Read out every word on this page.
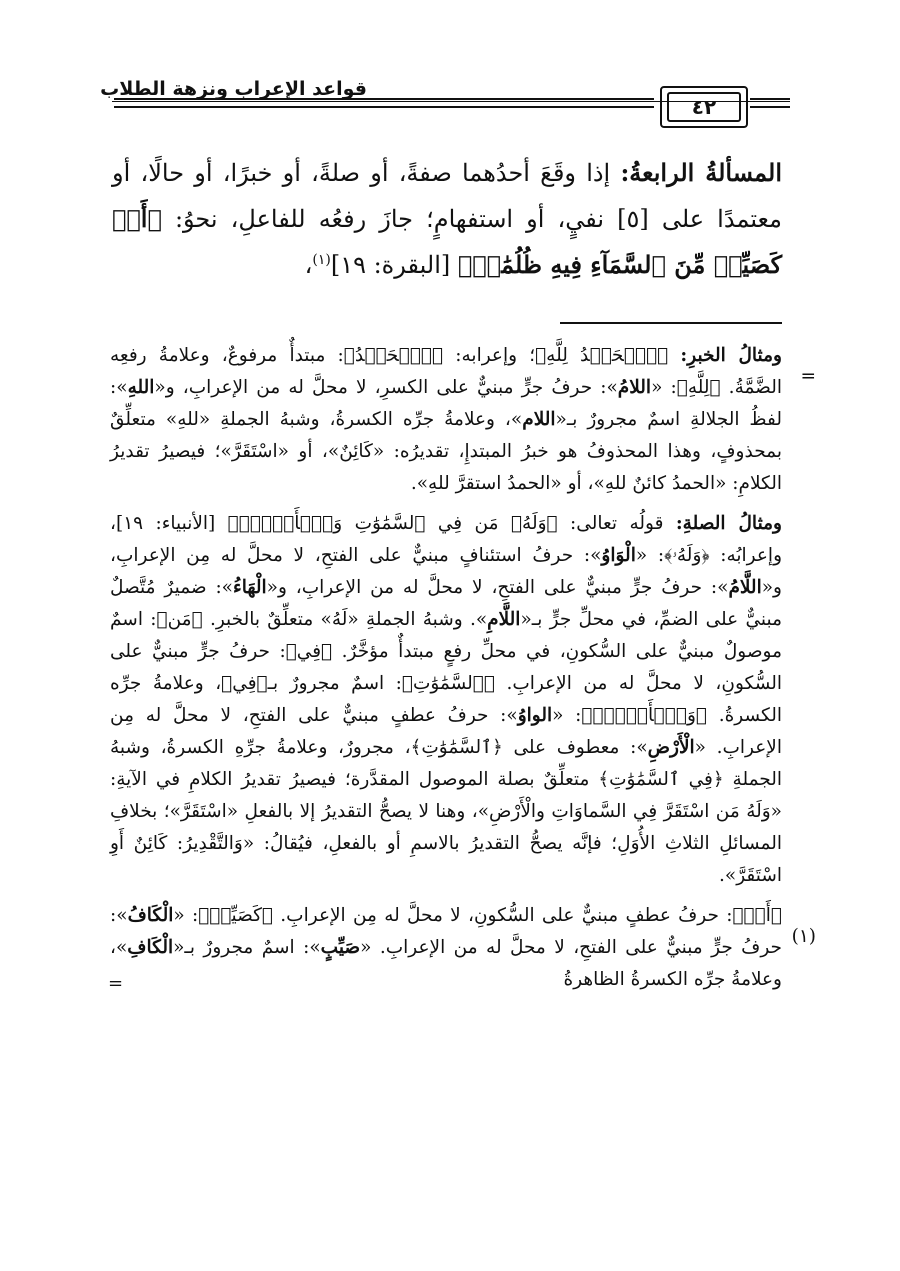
قواعد الإعراب ونزهة الطلاب
٤٢

المسألةُ الرابعةُ: إذا وقَعَ أحدُهما صفةً، أو صلةً، أو خبرًا، أو حالًا، أو معتمدًا على [٥] نفيٍ، أو استفهامٍ؛ جازَ رفعُه للفاعلِ، نحوُ: ﴿أَوۡ كَصَيِّبٖ مِّنَ ٱلسَّمَآءِ فِيهِ ظُلُمَٰتٞ﴾ [البقرة: ١٩]$^{(١)}$،

=
ومثالُ الخبرِ: ﴿ٱلۡحَمۡدُ لِلَّهِ﴾؛ وإعرابه: ﴿ٱلۡحَمۡدُ﴾: مبتدأٌ مرفوعٌ، وعلامةُ رفعِه الضَّمَّةُ. ﴿لِلَّهِ﴾: «اللامُ»: حرفُ جرٍّ مبنيٌّ على الكسرِ، لا محلَّ له من الإعرابِ، و«اللهِ»: لفظُ الجلالةِ اسمٌ مجرورٌ بـ«اللام»، وعلامةُ جرِّه الكسرةُ، وشبهُ الجملةِ «للهِ» متعلِّقٌ بمحذوفٍ، وهذا المحذوفُ هو خبرُ المبتدإِ، تقديرُه: «كَائِنٌ»، أو «اسْتَقَرَّ»؛ فيصيرُ تقديرُ الكلامِ: «الحمدُ كائنٌ للهِ»، أو «الحمدُ استقرَّ للهِ».

ومثالُ الصلةِ: قولُه تعالى: ﴿وَلَهُۥ مَن فِي ٱلسَّمَٰوَٰتِ وَٱلۡأَرۡضِۚ﴾ [الأنبياء: ١٩]، وإعرابُه: ﴿وَلَهُۥ﴾: «الْوَاوُ»: حرفُ استئنافٍ مبنيٌّ على الفتحِ، لا محلَّ له مِن الإعرابِ، و«اللَّامُ»: حرفُ جرٍّ مبنيٌّ على الفتحِ، لا محلَّ له من الإعرابِ، و«الْهَاءُ»: ضميرٌ مُتَّصلٌ مبنيٌّ على الضمِّ، في محلِّ جرٍّ بـ«اللَّامِ». وشبهُ الجملةِ «لَهُ» متعلِّقٌ بالخبرِ. ﴿مَن﴾: اسمٌ موصولٌ مبنيٌّ على السُّكونِ، في محلِّ رفعٍ مبتدأٌ مؤخَّرٌ. ﴿فِي﴾: حرفُ جرٍّ مبنيٌّ على السُّكونِ، لا محلَّ له من الإعرابِ. ﴿ٱلسَّمَٰوَٰتِ﴾: اسمٌ مجرورٌ بـ﴿فِي﴾، وعلامةُ جرِّه الكسرةُ. ﴿وَٱلۡأَرۡضِۚ﴾: «الواوُ»: حرفُ عطفٍ مبنيٌّ على الفتحِ، لا محلَّ له مِن الإعرابِ. «الْأَرْضِ»: معطوف على ﴿ٱلسَّمَٰوَٰتِ﴾، مجرورٌ، وعلامةُ جرِّهِ الكسرةُ، وشبهُ الجملةِ ﴿فِي ٱلسَّمَٰوَٰتِ﴾ متعلِّقٌ بصلة الموصول المقدَّرة؛ فيصيرُ تقديرُ الكلامِ في الآيةِ: «وَلَهُ مَن اسْتَقَرَّ فِي السَّماوَاتِ والْأَرْضِ»، وهنا لا يصحُّ التقديرُ إلا بالفعلِ «اسْتَقَرَّ»؛ بخلافِ المسائلِ الثلاثِ الأُوَلِ؛ فإنَّه يصحُّ التقديرُ بالاسمِ أو بالفعلِ، فيُقالُ: «وَالتَّقْدِيرُ: كَائِنٌ أَوِ اسْتَقَرَّ».

(١)
﴿أَوۡ﴾: حرفُ عطفٍ مبنيٌّ على السُّكونِ، لا محلَّ له مِن الإعرابِ. ﴿كَصَيِّبٖ﴾: «الْكَافُ»: حرفُ جرٍّ مبنيٌّ على الفتحِ، لا محلَّ له من الإعرابِ. «صَيِّبٍ»: اسمٌ مجرورٌ بـ«الْكَافِ»، وعلامةُ جرِّه الكسرةُ الظاهرةُ
=
